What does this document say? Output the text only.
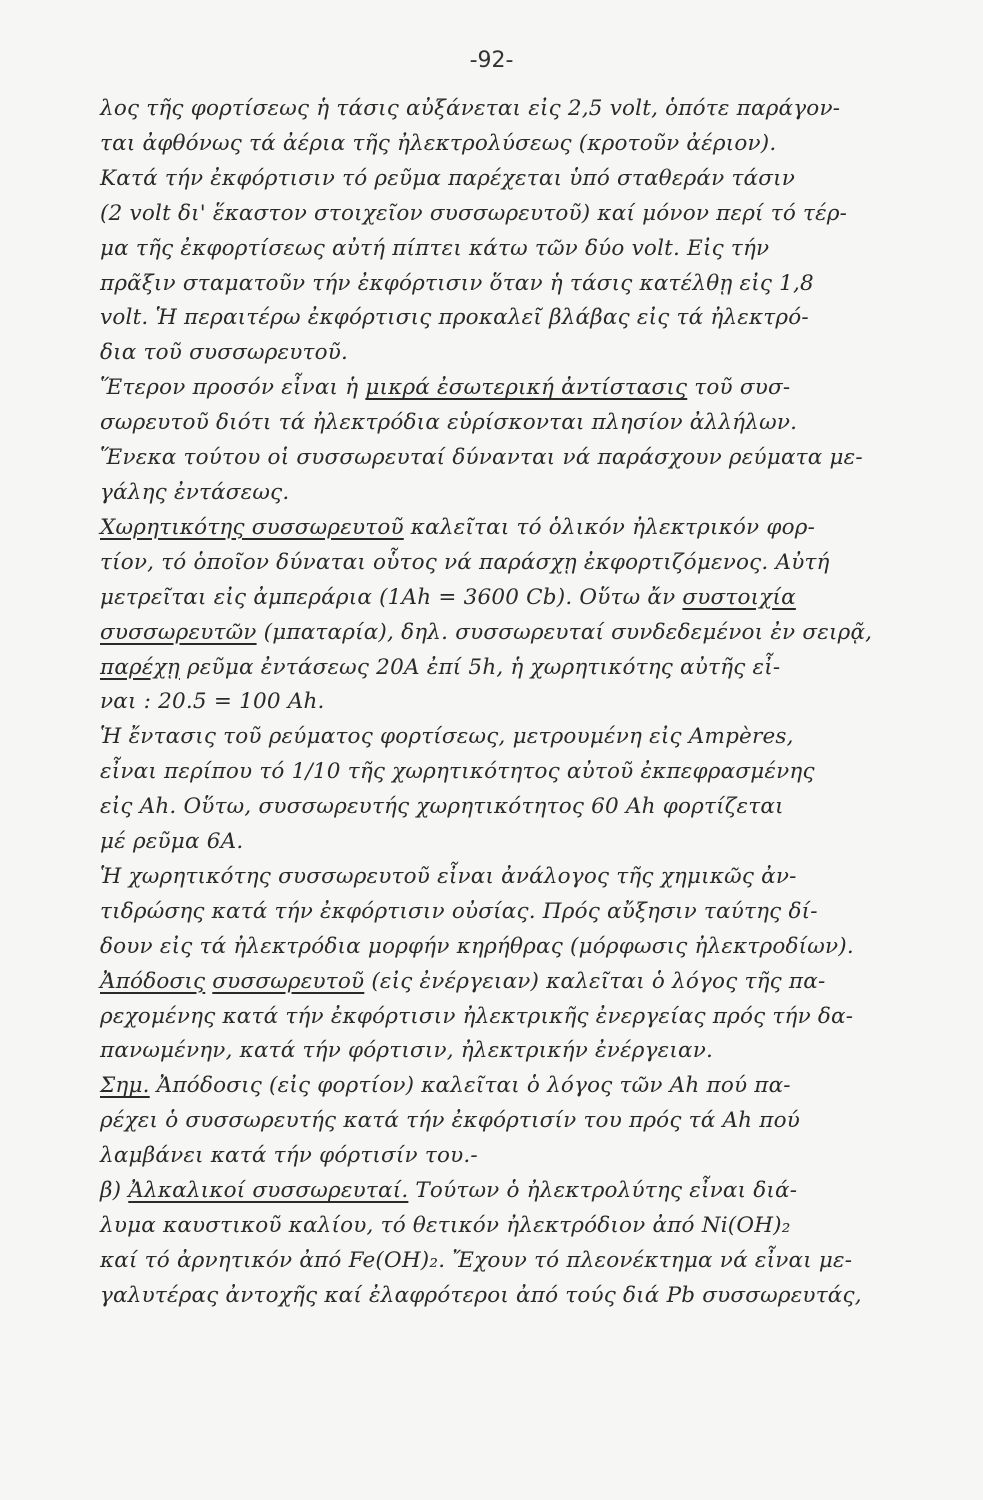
-92-
λος τῆς φορτίσεως ἡ τάσις αὐξάνεται εἰς 2,5 volt, ὁπότε παράγον-
ται ἀφθόνως τά ἀέρια τῆς ἠλεκτρολύσεως (κροτοῦν ἀέριον).
Κατά τήν ἐκφόρτισιν τό ρεῦμα παρέχεται ὑπό σταθεράν τάσιν
(2 volt δι' ἕκαστον στοιχεῖον συσσωρευτοῦ) καί μόνον περί τό τέρ-
μα τῆς ἐκφορτίσεως αὐτή πίπτει κάτω τῶν δύο volt. Εἰς τήν
πρᾶξιν σταματοῦν τήν ἐκφόρτισιν ὅταν ἡ τάσις κατέλθῃ εἰς 1,8
volt. Ἡ περαιτέρω ἐκφόρτισις προκαλεῖ βλάβας εἰς τά ἠλεκτρό-
δια τοῦ συσσωρευτοῦ.
Ἕτερον προσόν εἶναι ἡ μικρά ἐσωτερική ἀντίστασις τοῦ συσ-
σωρευτοῦ διότι τά ἠλεκτρόδια εὑρίσκονται πλησίον ἀλλήλων.
Ἕνεκα τούτου οἱ συσσωρευταί δύνανται νά παράσχουν ρεύματα με-
γάλης ἐντάσεως.
Χωρητικότης συσσωρευτοῦ καλεῖται τό ὁλικόν ἠλεκτρικόν φορ-
τίον, τό ὁποῖον δύναται οὗτος νά παράσχῃ ἐκφορτιζόμενος. Αὐτή
μετρεῖται εἰς ἀμπεράρια (1Ah = 3600 Cb). Οὕτω ἄν συστοιχία
συσσωρευτῶν (μπαταρία), δηλ. συσσωρευταί συνδεδεμένοι ἐν σειρᾷ,
παρέχῃ ρεῦμα ἐντάσεως 20A ἐπί 5h, ἡ χωρητικότης αὐτῆς εἶ-
ναι : 20.5 = 100 Ah.
Ἡ ἔντασις τοῦ ρεύματος φορτίσεως, μετρουμένη εἰς Ampères,
εἶναι περίπου τό 1/10 τῆς χωρητικότητος αὐτοῦ ἐκπεφρασμένης
εἰς Ah. Οὕτω, συσσωρευτής χωρητικότητος 60 Ah φορτίζεται
μέ ρεῦμα 6A.
Ἡ χωρητικότης συσσωρευτοῦ εἶναι ἀνάλογος τῆς χημικῶς ἀν-
τιδρώσης κατά τήν ἐκφόρτισιν οὐσίας. Πρός αὔξησιν ταύτης δί-
δουν εἰς τά ἠλεκτρόδια μορφήν κηρήθρας (μόρφωσις ἠλεκτροδίων).
Ἀπόδοσις συσσωρευτοῦ (εἰς ἐνέργειαν) καλεῖται ὁ λόγος τῆς πα-
ρεχομένης κατά τήν ἐκφόρτισιν ἠλεκτρικῆς ἐνεργείας πρός τήν δα-
πανωμένην, κατά τήν φόρτισιν, ἠλεκτρικήν ἐνέργειαν.
Σημ. Ἀπόδοσις (εἰς φορτίον) καλεῖται ὁ λόγος τῶν Ah πού πα-
ρέχει ὁ συσσωρευτής κατά τήν ἐκφόρτισίν του πρός τά Ah πού
λαμβάνει κατά τήν φόρτισίν του.-
β) Ἀλκαλικοί συσσωρευταί. Τούτων ὁ ἠλεκτρολύτης εἶναι διά-
λυμα καυστικοῦ καλίου, τό θετικόν ἠλεκτρόδιον ἀπό Ni(OH)₂
καί τό ἀρνητικόν ἀπό Fe(OH)₂. Ἔχουν τό πλεονέκτημα νά εἶναι με-
γαλυτέρας ἀντοχῆς καί ἐλαφρότεροι ἀπό τούς διά Pb συσσωρευτάς,
